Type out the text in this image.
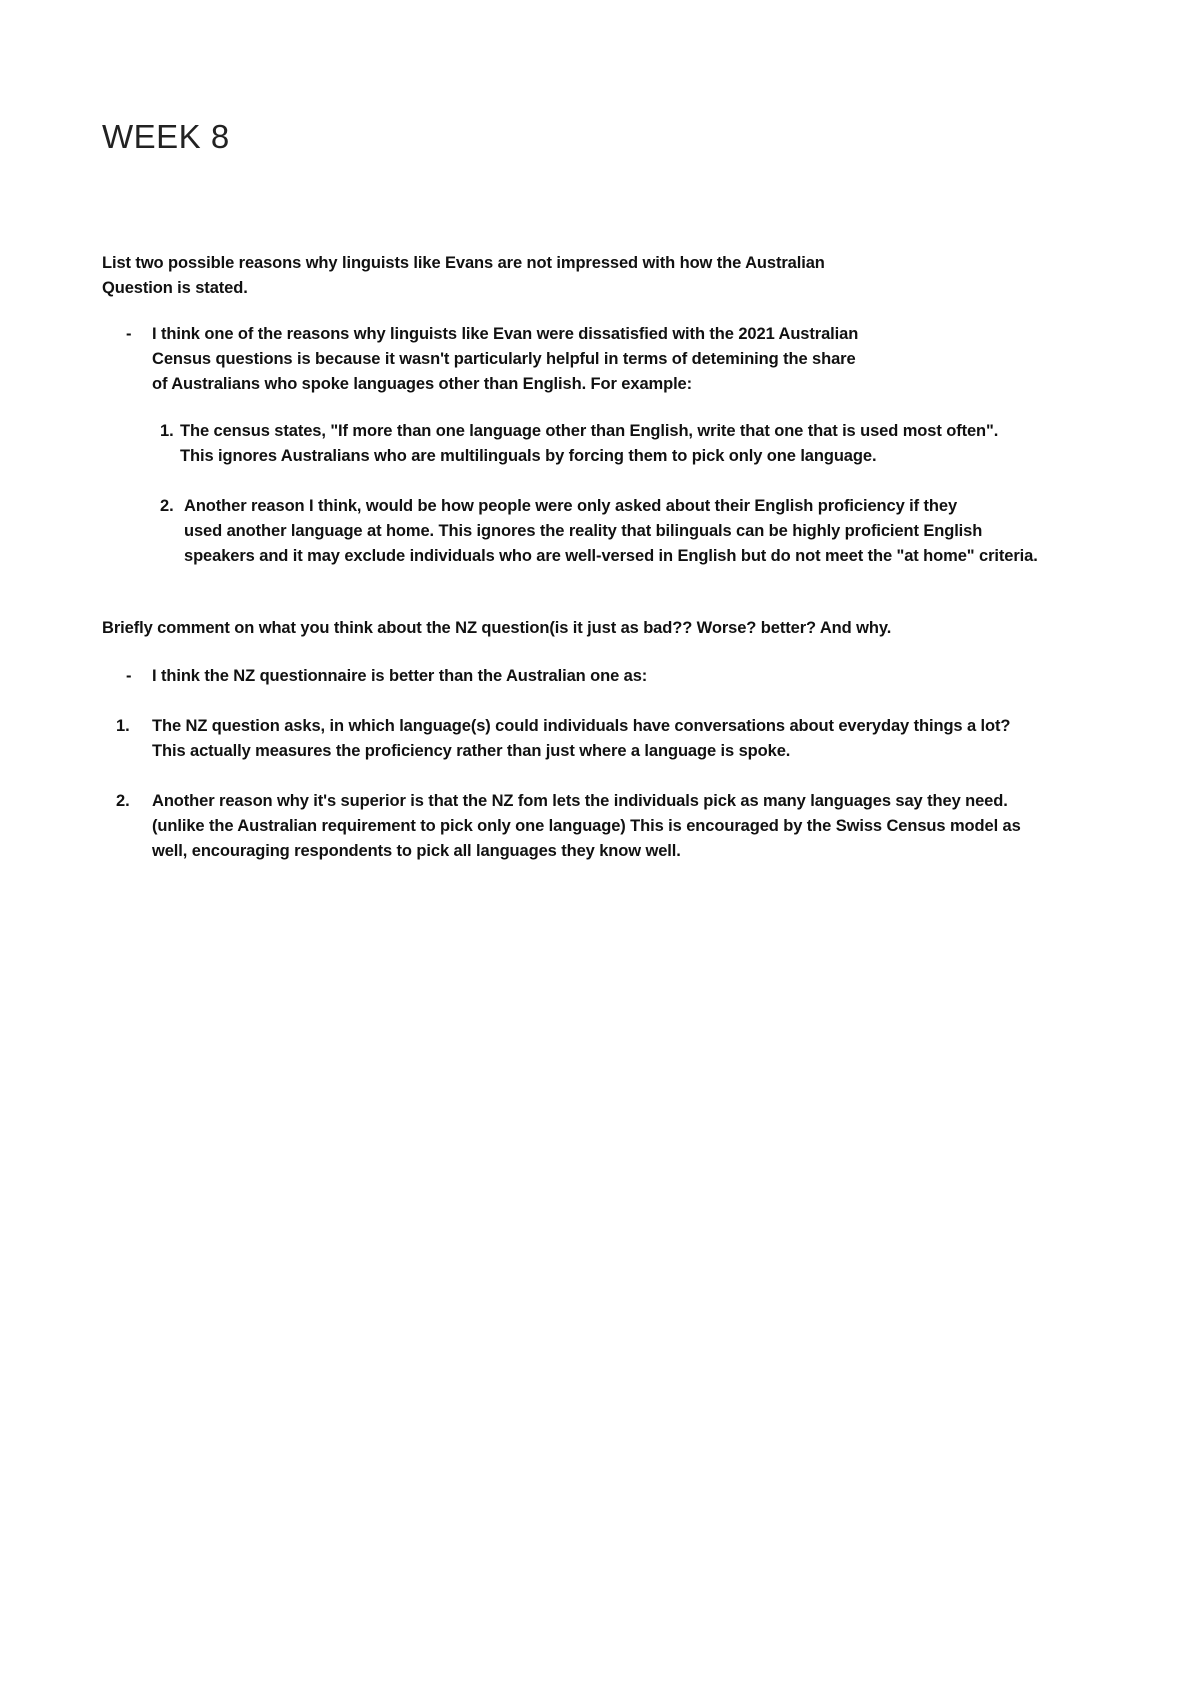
WEEK 8
List two possible reasons why linguists like Evans are not impressed with how the Australian
Question is stated.
- I think one of the reasons why linguists like Evan were dissatisfied with the 2021 Australian
Census questions is because it wasn't particularly helpful in terms of detemining the share
of Australians who spoke languages other than English. For example:
1. The census states, "If more than one language other than English, write that one that is used most often".
This ignores Australians who are multilinguals by forcing them to pick only one language.
2. Another reason I think, would be how people were only asked about their English proficiency if they
used another language at home. This ignores the reality that bilinguals can be highly proficient English
speakers and it may exclude individuals who are well-versed in English but do not meet the "at home" criteria.
Briefly comment on what you think about the NZ question(is it just as bad?? Worse? better? And why.
- I think the NZ questionnaire is better than the Australian one as:
1. The NZ question asks, in which language(s) could individuals have conversations about everyday things a lot?
This actually measures the proficiency rather than just where a language is spoke.
2. Another reason why it's superior is that the NZ fom lets the individuals pick as many languages say they need.
(unlike the Australian requirement to pick only one language) This is encouraged by the Swiss Census model as
well, encouraging respondents to pick all languages they know well.
